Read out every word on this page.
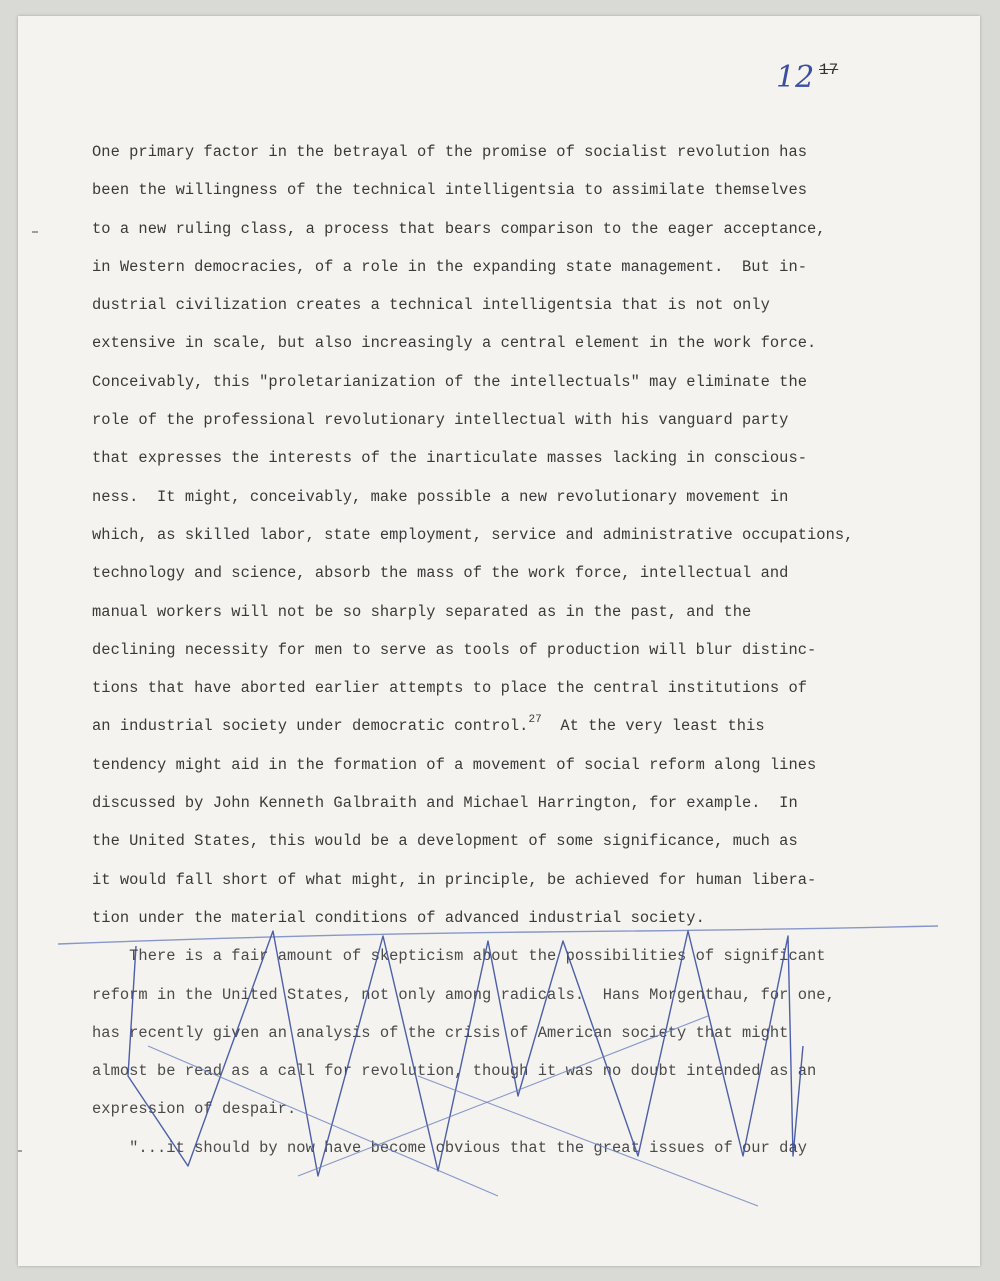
12 17
One primary factor in the betrayal of the promise of socialist revolution has
been the willingness of the technical intelligentsia to assimilate themselves
to a new ruling class, a process that bears comparison to the eager acceptance,
in Western democracies, of a role in the expanding state management.  But in-
dustrial civilization creates a technical intelligentsia that is not only
extensive in scale, but also increasingly a central element in the work force.
Conceivably, this "proletarianization of the intellectuals" may eliminate the
role of the professional revolutionary intellectual with his vanguard party
that expresses the interests of the inarticulate masses lacking in conscious-
ness.  It might, conceivably, make possible a new revolutionary movement in
which, as skilled labor, state employment, service and administrative occupations,
technology and science, absorb the mass of the work force, intellectual and
manual workers will not be so sharply separated as in the past, and the
declining necessity for men to serve as tools of production will blur distinc-
tions that have aborted earlier attempts to place the central institutions of
an industrial society under democratic control.$^{27}$  At the very least this
tendency might aid in the formation of a movement of social reform along lines
discussed by John Kenneth Galbraith and Michael Harrington, for example.  In
the United States, this would be a development of some significance, much as
it would fall short of what might, in principle, be achieved for human libera-
tion under the material conditions of advanced industrial society.
There is a fair amount of skepticism about the possibilities of significant
reform in the United States, not only among radicals.  Hans Morgenthau, for one,
has recently given an analysis of the crisis of American society that might
almost be read as a call for revolution, though it was no doubt intended as an
expression of despair.
"...it should by now have become obvious that the great issues of our day
